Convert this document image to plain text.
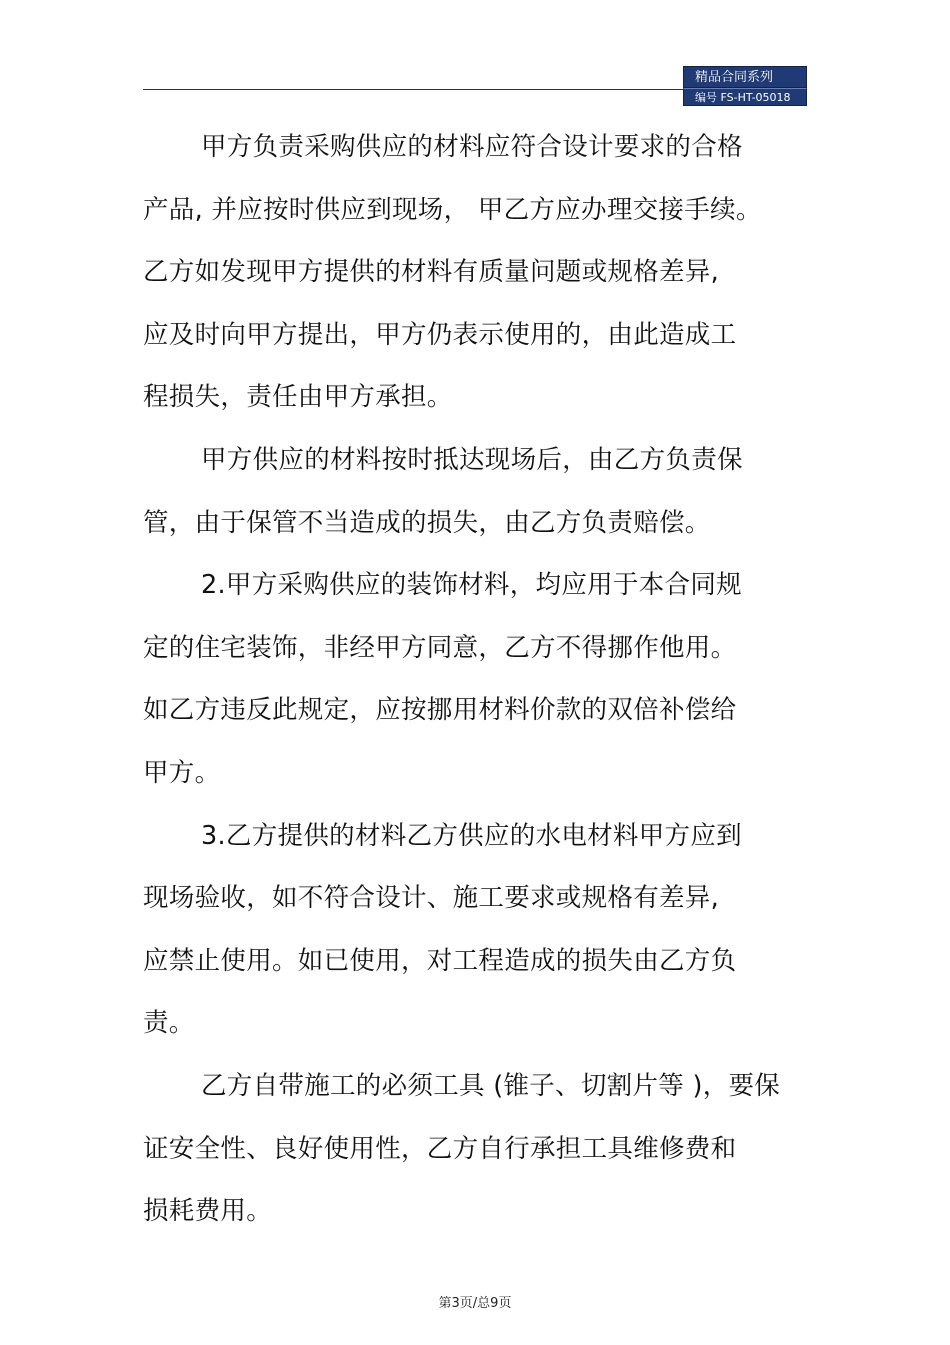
精品合同系列
编号 FS-HT-05018
甲方负责采购供应的材料应符合设计要求的合格
产品, 并应按时供应到现场， 甲乙方应办理交接手续。
乙方如发现甲方提供的材料有质量问题或规格差异,
应及时向甲方提出，甲方仍表示使用的，由此造成工
程损失，责任由甲方承担。
甲方供应的材料按时抵达现场后，由乙方负责保
管，由于保管不当造成的损失，由乙方负责赔偿。
2.甲方采购供应的装饰材料，均应用于本合同规
定的住宅装饰，非经甲方同意，乙方不得挪作他用。
如乙方违反此规定，应按挪用材料价款的双倍补偿给
甲方。
3.乙方提供的材料乙方供应的水电材料甲方应到
现场验收，如不符合设计、施工要求或规格有差异,
应禁止使用。如已使用，对工程造成的损失由乙方负
责。
乙方自带施工的必须工具 (锥子、切割片等 )，要保
证安全性、良好使用性，乙方自行承担工具维修费和
损耗费用。
第3页/总9页
